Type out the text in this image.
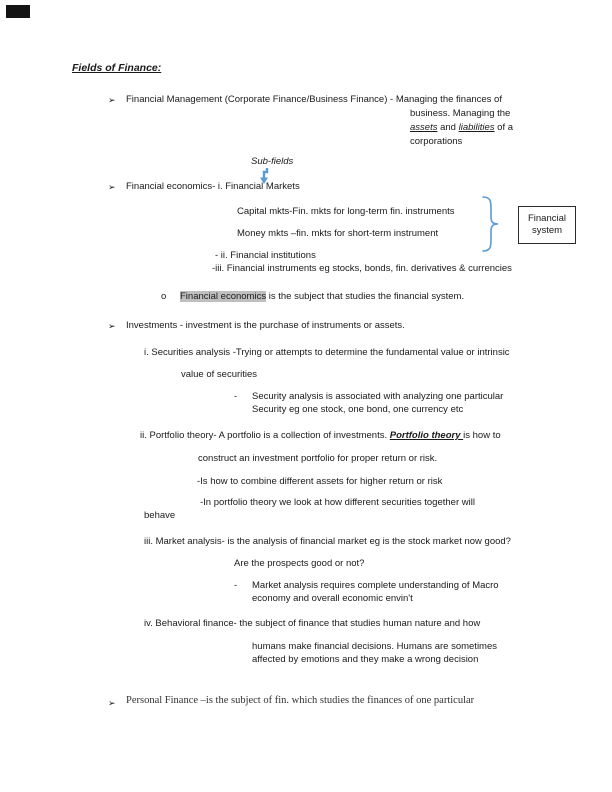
Fields of Finance:
➢ Financial Management (Corporate Finance/Business Finance) - Managing the finances of
business. Managing the
assets and liabilities of a
corporations
Sub-fields
➢ Financial economics- i. Financial Markets
Capital mkts-Fin. mkts for long-term fin. instruments
Money mkts –fin. mkts for short-term instrument
Financial
system
- ii. Financial institutions
-iii. Financial instruments eg stocks, bonds, fin. derivatives & currencies
o Financial economics is the subject that studies the financial system.
➢ Investments - investment is the purchase of instruments or assets.
i. Securities analysis -Trying or attempts to determine the fundamental value or intrinsic
value of securities
- Security analysis is associated with analyzing one particular
Security eg one stock, one bond, one currency etc
ii. Portfolio theory- A portfolio is a collection of investments. Portfolio theory is how to
construct an investment portfolio for proper return or risk.
-Is how to combine different assets for higher return or risk
-In portfolio theory we look at how different securities together will
behave
iii. Market analysis- is the analysis of financial market eg is the stock market now good?
Are the prospects good or not?
- Market analysis requires complete understanding of Macro
economy and overall economic envin't
iv. Behavioral finance- the subject of finance that studies human nature and how
humans make financial decisions. Humans are sometimes
affected by emotions and they make a wrong decision
➢ Personal Finance –is the subject of fin. which studies the finances of one particular
